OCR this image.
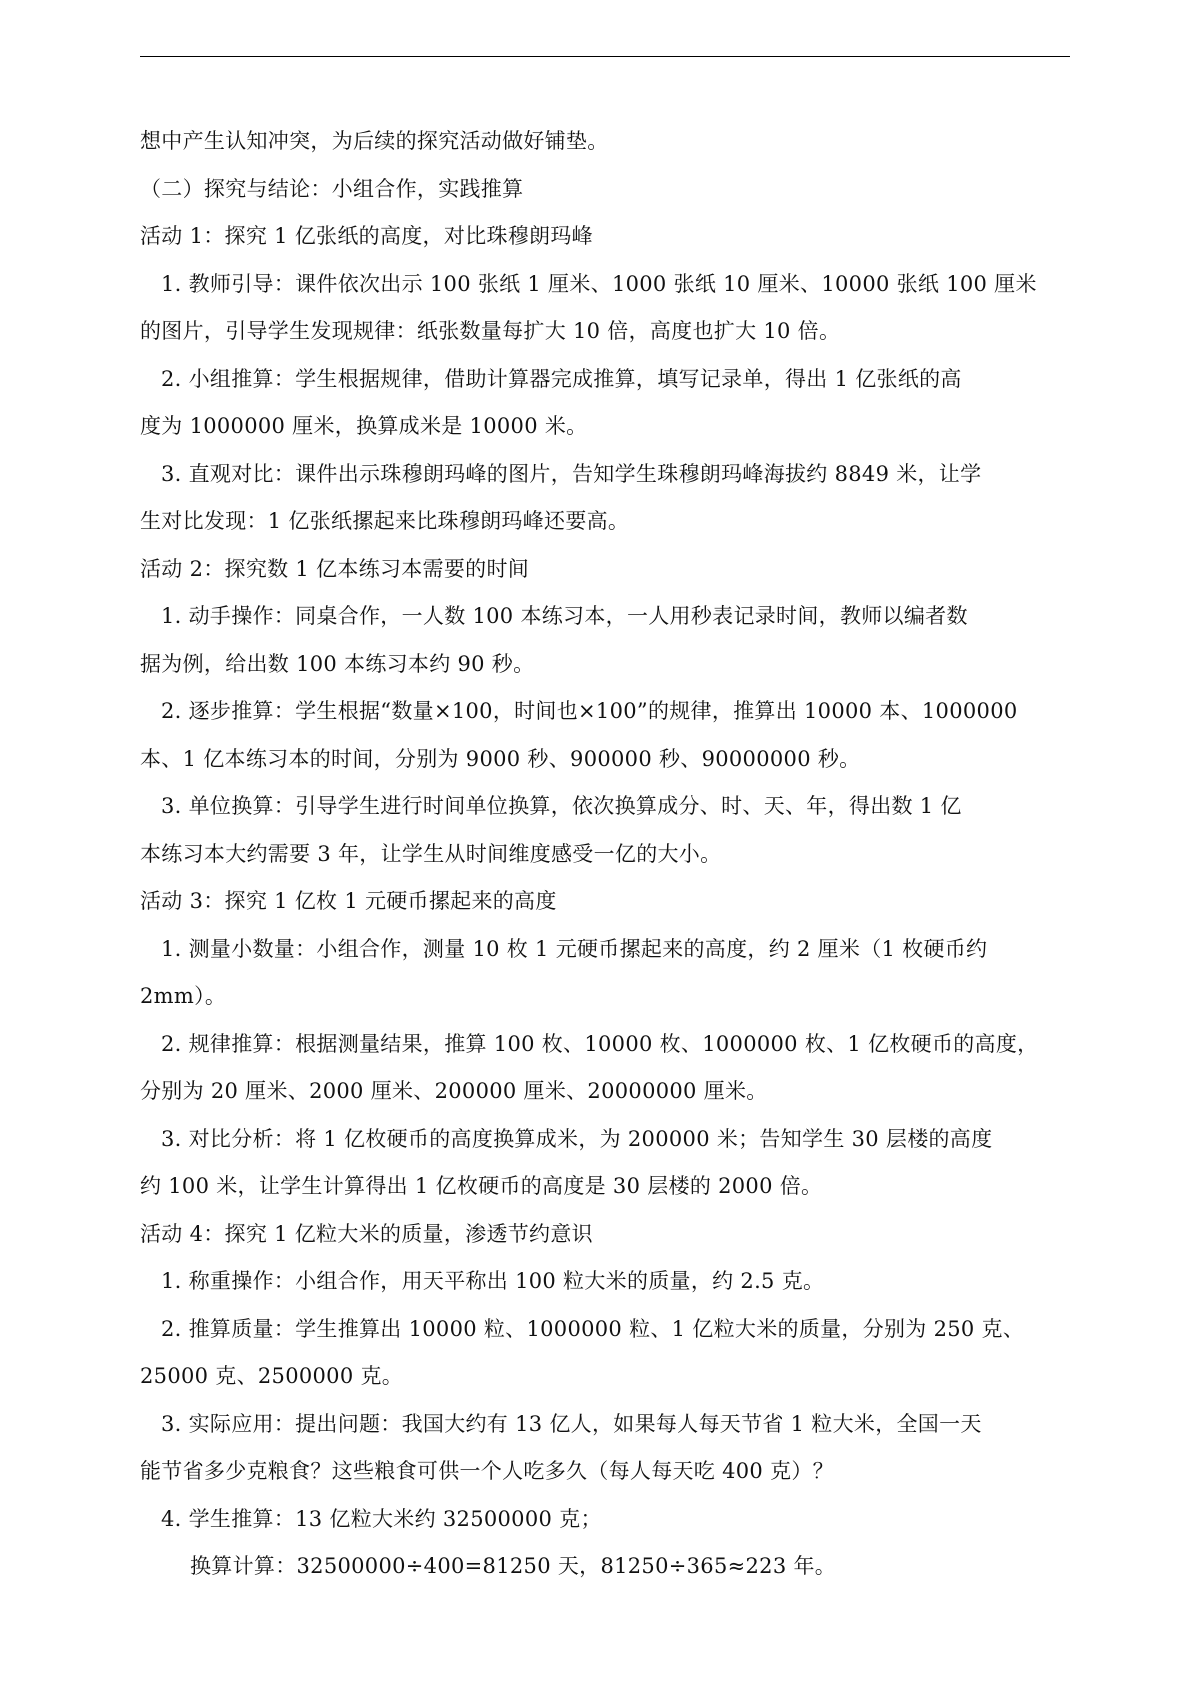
想中产生认知冲突，为后续的探究活动做好铺垫。
（二）探究与结论：小组合作，实践推算
活动 1：探究 1 亿张纸的高度，对比珠穆朗玛峰
1. 教师引导：课件依次出示 100 张纸 1 厘米、1000 张纸 10 厘米、10000 张纸 100 厘米
的图片，引导学生发现规律：纸张数量每扩大 10 倍，高度也扩大 10 倍。
2. 小组推算：学生根据规律，借助计算器完成推算，填写记录单，得出 1 亿张纸的高
度为 1000000 厘米，换算成米是 10000 米。
3. 直观对比：课件出示珠穆朗玛峰的图片，告知学生珠穆朗玛峰海拔约 8849 米，让学
生对比发现：1 亿张纸摞起来比珠穆朗玛峰还要高。
活动 2：探究数 1 亿本练习本需要的时间
1. 动手操作：同桌合作，一人数 100 本练习本，一人用秒表记录时间，教师以编者数
据为例，给出数 100 本练习本约 90 秒。
2. 逐步推算：学生根据“数量×100，时间也×100”的规律，推算出 10000 本、1000000
本、1 亿本练习本的时间，分别为 9000 秒、900000 秒、90000000 秒。
3. 单位换算：引导学生进行时间单位换算，依次换算成分、时、天、年，得出数 1 亿
本练习本大约需要 3 年，让学生从时间维度感受一亿的大小。
活动 3：探究 1 亿枚 1 元硬币摞起来的高度
1. 测量小数量：小组合作，测量 10 枚 1 元硬币摞起来的高度，约 2 厘米（1 枚硬币约
2mm）。
2. 规律推算：根据测量结果，推算 100 枚、10000 枚、1000000 枚、1 亿枚硬币的高度，
分别为 20 厘米、2000 厘米、200000 厘米、20000000 厘米。
3. 对比分析：将 1 亿枚硬币的高度换算成米，为 200000 米；告知学生 30 层楼的高度
约 100 米，让学生计算得出 1 亿枚硬币的高度是 30 层楼的 2000 倍。
活动 4：探究 1 亿粒大米的质量，渗透节约意识
1. 称重操作：小组合作，用天平称出 100 粒大米的质量，约 2.5 克。
2. 推算质量：学生推算出 10000 粒、1000000 粒、1 亿粒大米的质量，分别为 250 克、
25000 克、2500000 克。
3. 实际应用：提出问题：我国大约有 13 亿人，如果每人每天节省 1 粒大米，全国一天
能节省多少克粮食？这些粮食可供一个人吃多久（每人每天吃 400 克）？
4. 学生推算：13 亿粒大米约 32500000 克；
换算计算：32500000÷400=81250 天，81250÷365≈223 年。
